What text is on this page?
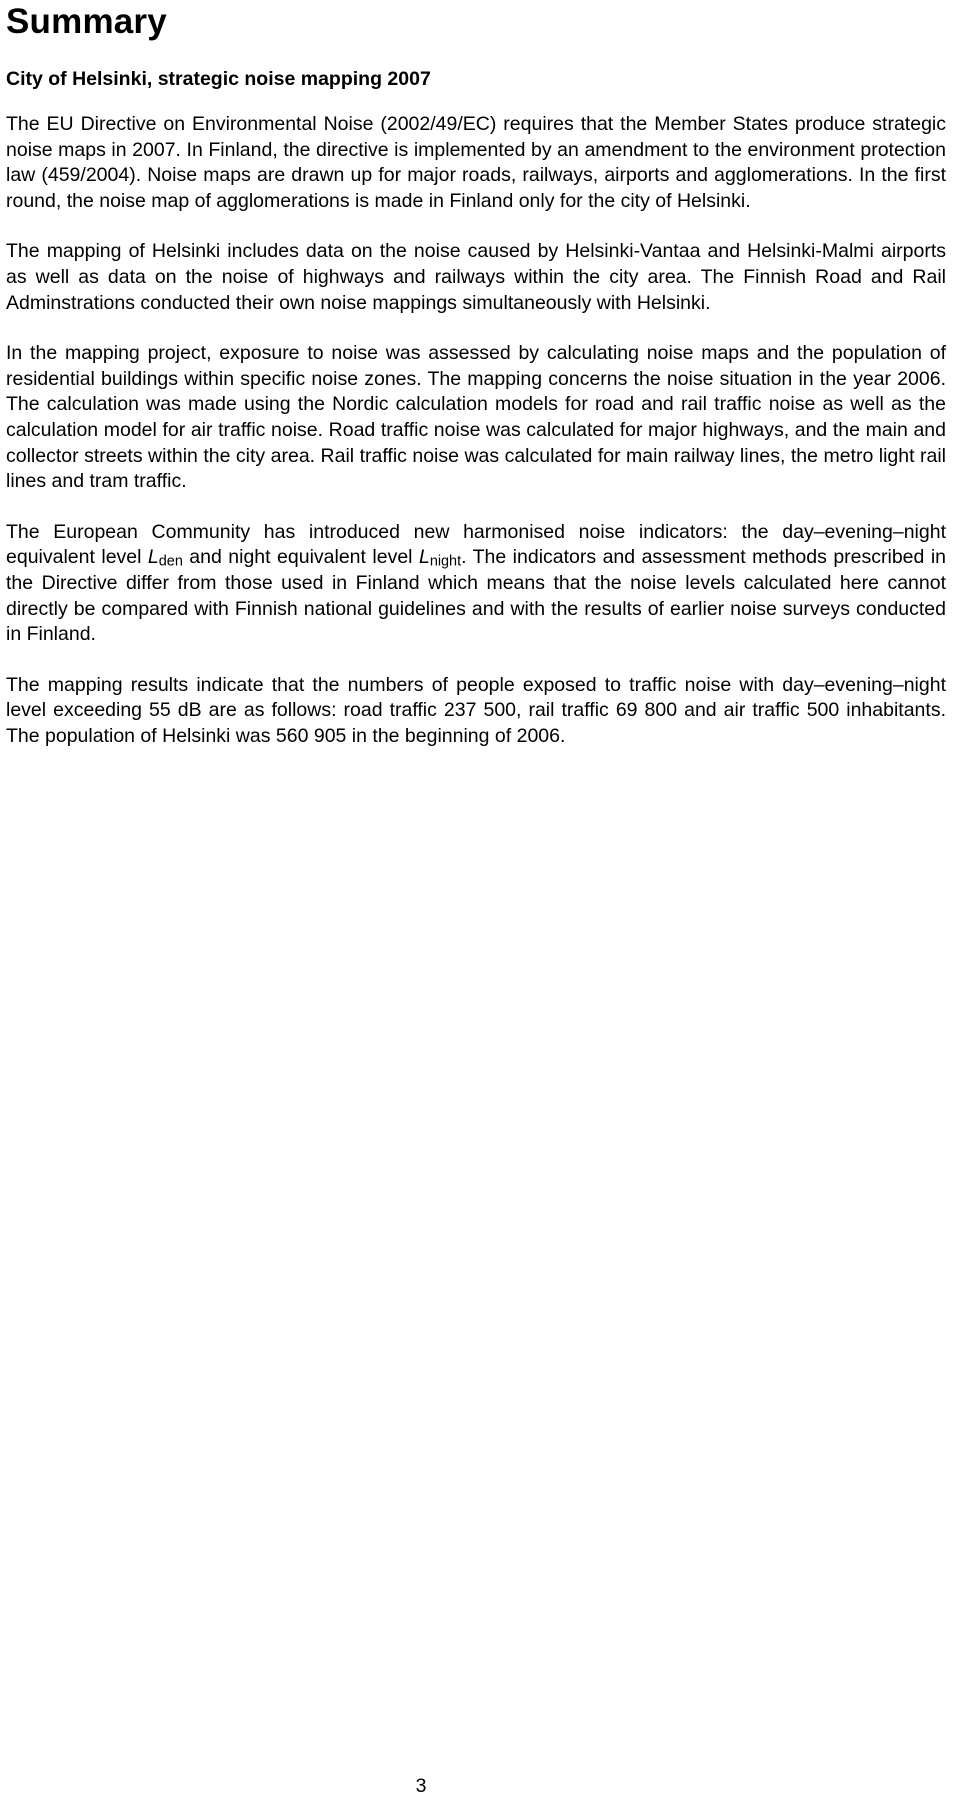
Summary
City of Helsinki, strategic noise mapping 2007

The EU Directive on Environmental Noise (2002/49/EC) requires that the Member States produce strategic noise maps in 2007. In Finland, the directive is implemented by an amendment to the environment protection law (459/2004). Noise maps are drawn up for major roads, railways, airports and agglomerations. In the first round, the noise map of agglomerations is made in Finland only for the city of Helsinki.

The mapping of Helsinki includes data on the noise caused by Helsinki-Vantaa and Helsinki-Malmi airports as well as data on the noise of highways and railways within the city area. The Finnish Road and Rail Adminstrations conducted their own noise mappings simultaneously with Helsinki.

In the mapping project, exposure to noise was assessed by calculating noise maps and the population of residential buildings within specific noise zones. The mapping concerns the noise situation in the year 2006. The calculation was made using the Nordic calculation models for road and rail traffic noise as well as the calculation model for air traffic noise. Road traffic noise was calculated for major highways, and the main and collector streets within the city area. Rail traffic noise was calculated for main railway lines, the metro light rail lines and tram traffic.

The European Community has introduced new harmonised noise indicators: the day–evening–night equivalent level Lden and night equivalent level Lnight. The indicators and assessment methods prescribed in the Directive differ from those used in Finland which means that the noise levels calculated here cannot directly be compared with Finnish national guidelines and with the results of earlier noise surveys conducted in Finland.

The mapping results indicate that the numbers of people exposed to traffic noise with day–evening–night level exceeding 55 dB are as follows: road traffic 237 500, rail traffic 69 800 and air traffic 500 inhabitants. The population of Helsinki was 560 905 in the beginning of 2006.

3
